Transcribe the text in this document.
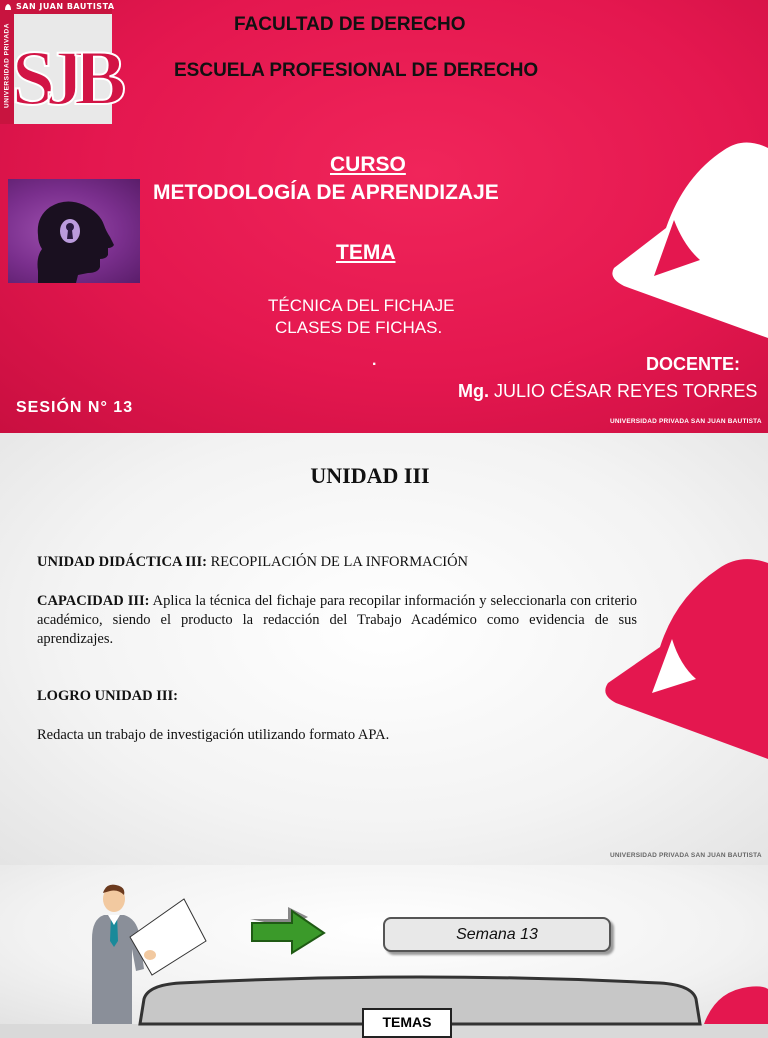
SAN JUAN BAUTISTA
UNIVERSIDAD PRIVADA SJB
FACULTAD DE DERECHO
ESCUELA PROFESIONAL DE DERECHO
CURSO
METODOLOGÍA DE APRENDIZAJE
TEMA
TÉCNICA DEL FICHAJE
CLASES DE FICHAS.
.	DOCENTE:
Mg. JULIO CÉSAR REYES TORRES
SESIÓN N° 13
UNIVERSIDAD PRIVADA SAN JUAN BAUTISTA
UNIDAD III
UNIDAD DIDÁCTICA III: RECOPILACIÓN DE LA INFORMACIÓN
CAPACIDAD III: Aplica la técnica del fichaje para recopilar información y seleccionarla con criterio académico, siendo el producto la redacción del Trabajo Académico como evidencia de sus aprendizajes.
LOGRO UNIDAD III:
Redacta un trabajo de investigación utilizando formato APA.
UNIVERSIDAD PRIVADA SAN JUAN BAUTISTA
Semana 13
TEMAS
